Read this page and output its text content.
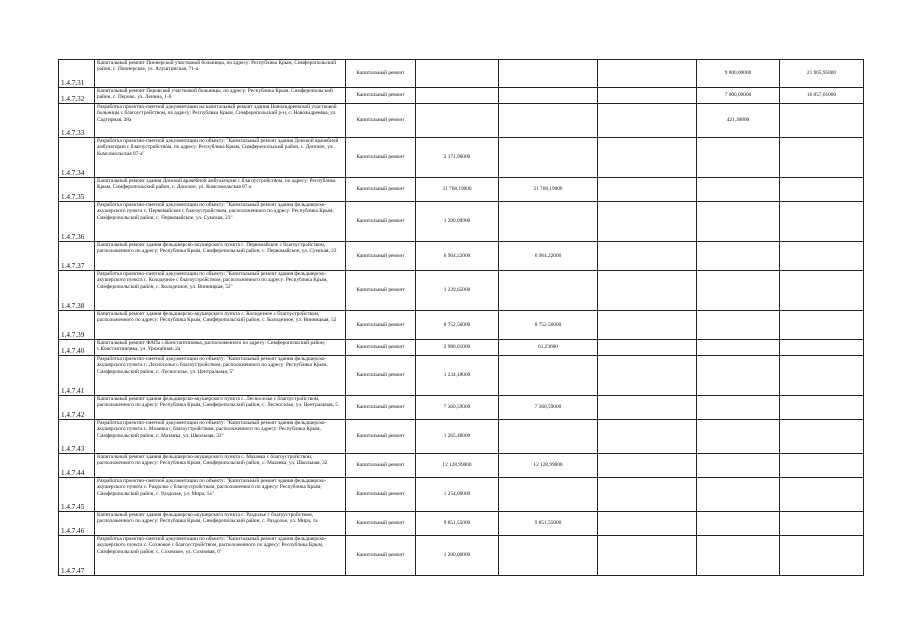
1.4.7.31	Капитальный ремонт Пионерской участковой больницы, по адресу: Республика Крым, Симферопольский район, с. Пионерское, ул. Алуштинская, 71-а	Капитальный ремонт				9 000,00000	21 965,95000
1.4.7.32	Капитальный ремонт Перовской участковой больницы, по адресу: Республика Крым, Симферопольский район, с. Перово, ул. Ленина, 1-б	Капитальный ремонт				7 000,00000	16 857,01000
1.4.7.33	Разработка проектно-сметной документации на капитальный ремонт здания Новоандреевской участковой больницы с благоустройством, по адресу: Республика Крым, Симферопольский р-н, с. Новоандреевка, ул. Садтирная, 28а	Капитальный ремонт				421,30800	
1.4.7.34	Разработка проектно-сметной документации по объекту: "Капитальный ремонт здания Донской врачебной амбулатории с благоустройством, по адресу: Республика Крым, Симферопольский район, с. Донское, ул. Комсомольская 87-а"	Капитальный ремонт	2 171,90000				
1.4.7.35	Капитальный ремонт здания Донской врачебной амбулатории с благоустройством, по адресу: Республика Крым, Симферопольский район, с. Донское, ул. Комсомольская 87-а	Капитальный ремонт	31 768,19000	31 768,19000			
1.4.7.36	Разработка проектно-сметной документации по объекту: "Капитальный ремонт здания фельдшерско-акушерского пункта с. Первомайское с благоустройством, расположенного по адресу: Республика Крым, Симферопольский район, с. Первомайское, ул. Сумская, 23"	Капитальный ремонт	1 200,09900				
1.4.7.37	Капитальный ремонт здания фельдшерско-акушерского пункта с. Первомайское с благоустройством, расположенного по адресу: Республика Крым, Симферопольский район, с. Первомайское, ул. Сумская, 23	Капитальный ремонт	6 964,22000	6 964,22000			
1.4.7.38	Разработка проектно-сметной документации по объекту: "Капитальный ремонт здания фельдшерско-акушерского пункта с. Колодезное с благоустройством, расположенного по адресу: Республика Крым, Симферопольский район, с. Колодезное, ул. Винницкая, 52"	Капитальный ремонт	1 239,65000				
1.4.7.39	Капитальный ремонт здания фельдшерско-акушерского пункта с. Колодезное с благоустройством, расположенного по адресу: Республика Крым, Симферопольский район, с. Колодезное, ул. Винницкая, 52	Капитальный ремонт	8 752,56000	8 752,56000			
1.4.7.40	Капитальный ремонт ФАПа с.Константиновка, расположенного по адресу: Симферопольский район, с.Константиновка, ул. Урожайная, 2а	Капитальный ремонт	2 980,01000	61,23600			
1.4.7.41	Разработка проектно-сметной документации по объекту: "Капитальный ремонт здания фельдшерско-акушерского пункта с. Лесноселье с благоустройством, расположенного по адресу: Республика Крым, Симферопольский район, с. Лесноселье, ул. Центральная, 5"	Капитальный ремонт	1 234,18000				
1.4.7.42	Капитальный ремонт здания фельдшерско-акушерского пункта с. Лесноселье с благоустройством, расположенного по адресу: Республика Крым, Симферопольский район, с. Лесноселье, ул. Центральная, 5	Капитальный ремонт	7 360,59000	7 360,59000			
1.4.7.43	Разработка проектно-сметной документации по объекту: "Капитальный ремонт здания фельдшерско-акушерского пункта с. Мазанка с благоустройством, расположенного по адресу: Республика Крым, Симферопольский район, с. Мазанка, ул. Школьная, 32"	Капитальный ремонт	1 265,48000				
1.4.7.44	Капитальный ремонт здания фельдшерско-акушерского пункта с. Мазанка с благоустройством, расположенного по адресу: Республика Крым, Симферопольский район, с. Мазанка, ул. Школьная, 32	Капитальный ремонт	12 128,99000	12 128,99000			
1.4.7.45	Разработка проектно-сметной документации по объекту: "Капитальный ремонт здания фельдшерско-акушерского пункта с. Раздолье с благоустройством, расположенного по адресу: Республика Крым, Симферопольский район, с. Раздолье, ул. Мира, 1а"	Капитальный ремонт	1 254,00000				
1.4.7.46	Капитальный ремонт здания фельдшерско-акушерского пункта с. Раздолье с благоустройством, расположенного по адресу: Республика Крым, Симферопольский район, с. Раздолье, ул. Мира, 1а	Капитальный ремонт	9 851,55000	9 851,55000			
1.4.7.47	Разработка проектно-сметной документации по объекту: "Капитальный ремонт здания фельдшерско-акушерского пункта с. Сохновое с благоустройством, расположенного по адресу: Республика Крым, Симферопольский район, с. Сохновое, ул. Сохновая, 6"	Капитальный ремонт	1 200,00000				
